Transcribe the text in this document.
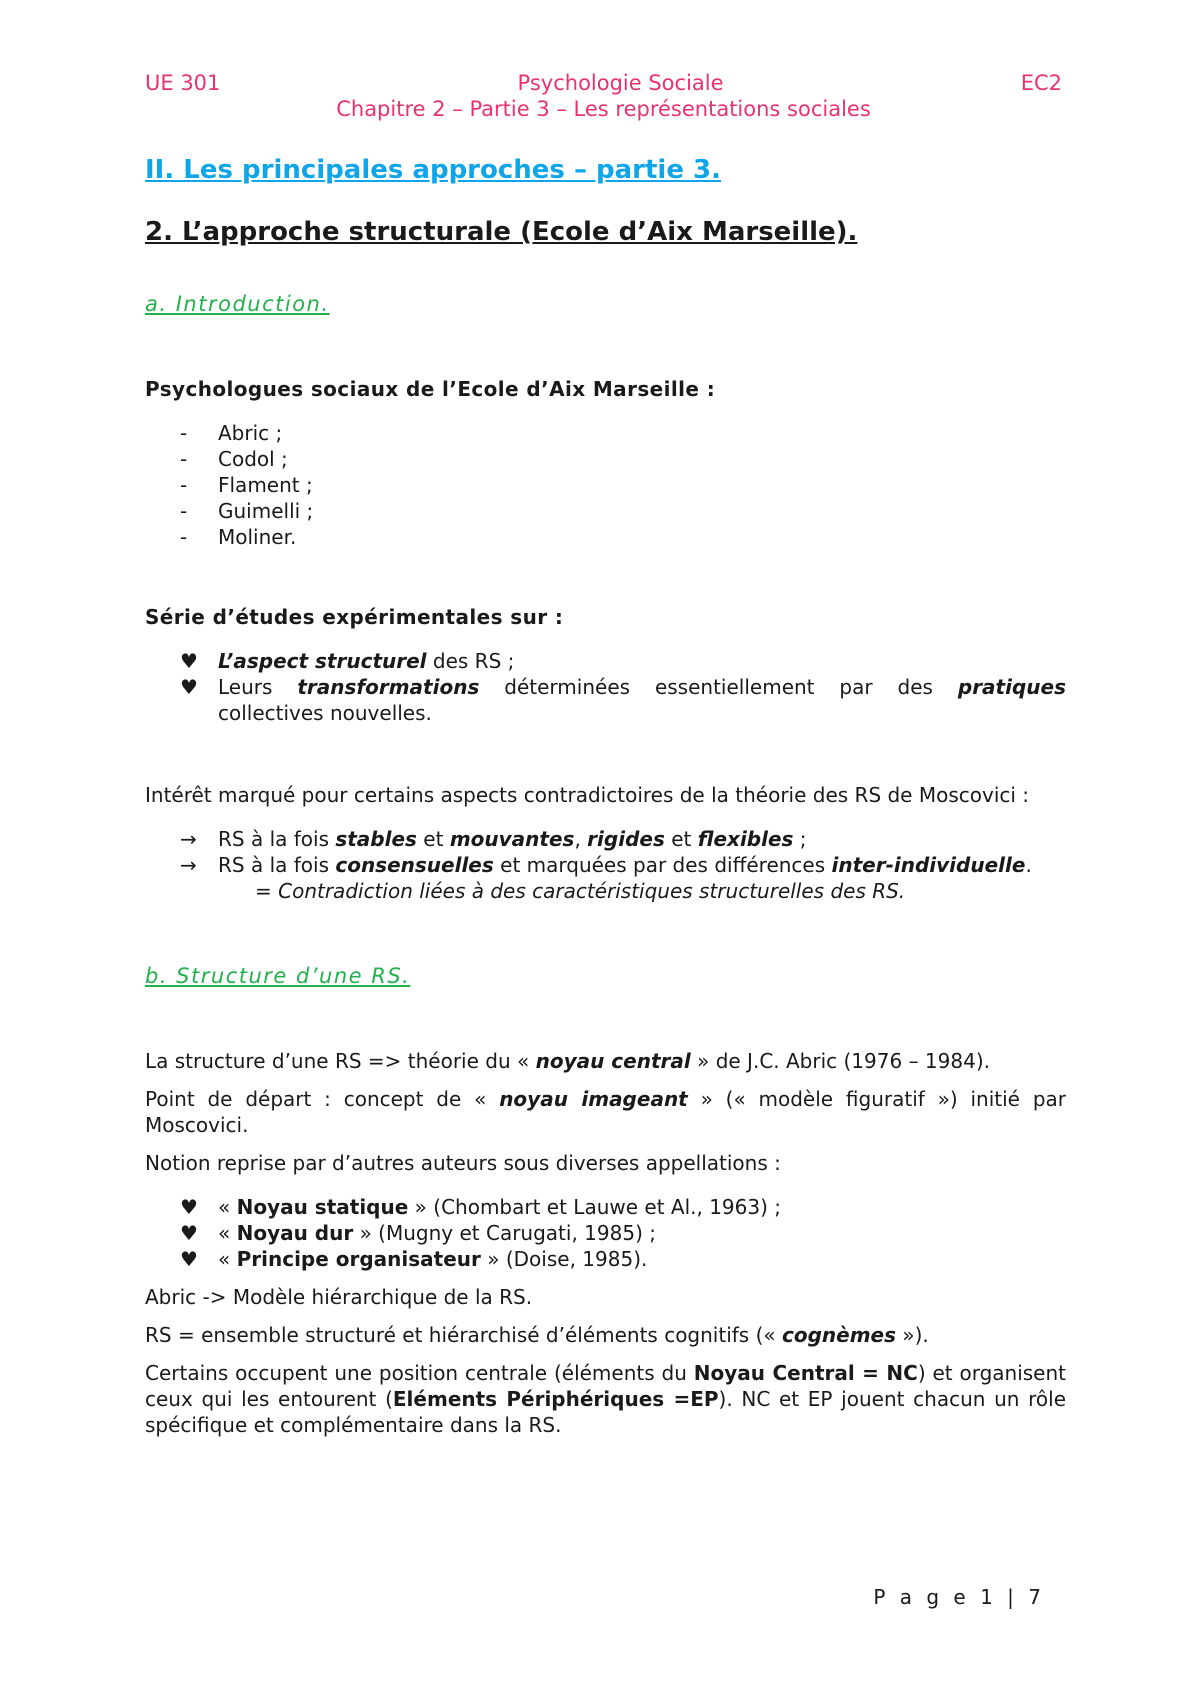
UE 301	Psychologie Sociale	EC2
Chapitre 2 – Partie 3 – Les représentations sociales
II. Les principales approches – partie 3.
2. L’approche structurale (Ecole d’Aix Marseille).
a. Introduction.

Psychologues sociaux de l’Ecole d’Aix Marseille :

- Abric ;
- Codol ;
- Flament ;
- Guimelli ;
- Moliner.

Série d’études expérimentales sur :

♥ L’aspect structurel des RS ;
♥ Leurs transformations déterminées essentiellement par des pratiques collectives nouvelles.

Intérêt marqué pour certains aspects contradictoires de la théorie des RS de Moscovici :

→ RS à la fois stables et mouvantes, rigides et flexibles ;
→ RS à la fois consensuelles et marquées par des différences inter-individuelle.

= Contradiction liées à des caractéristiques structurelles des RS.

b. Structure d’une RS.

La structure d’une RS => théorie du « noyau central » de J.C. Abric (1976 – 1984).

Point de départ : concept de « noyau imageant » (« modèle figuratif ») initié par Moscovici.

Notion reprise par d’autres auteurs sous diverses appellations :

♥ « Noyau statique » (Chombart et Lauwe et Al., 1963) ;
♥ « Noyau dur » (Mugny et Carugati, 1985) ;
♥ « Principe organisateur » (Doise, 1985).

Abric -> Modèle hiérarchique de la RS.

RS = ensemble structuré et hiérarchisé d’éléments cognitifs (« cognèmes »).

Certains occupent une position centrale (éléments du Noyau Central = NC) et organisent ceux qui les entourent (Eléments Périphériques =EP). NC et EP jouent chacun un rôle spécifique et complémentaire dans la RS.

P a g e 1 | 7
